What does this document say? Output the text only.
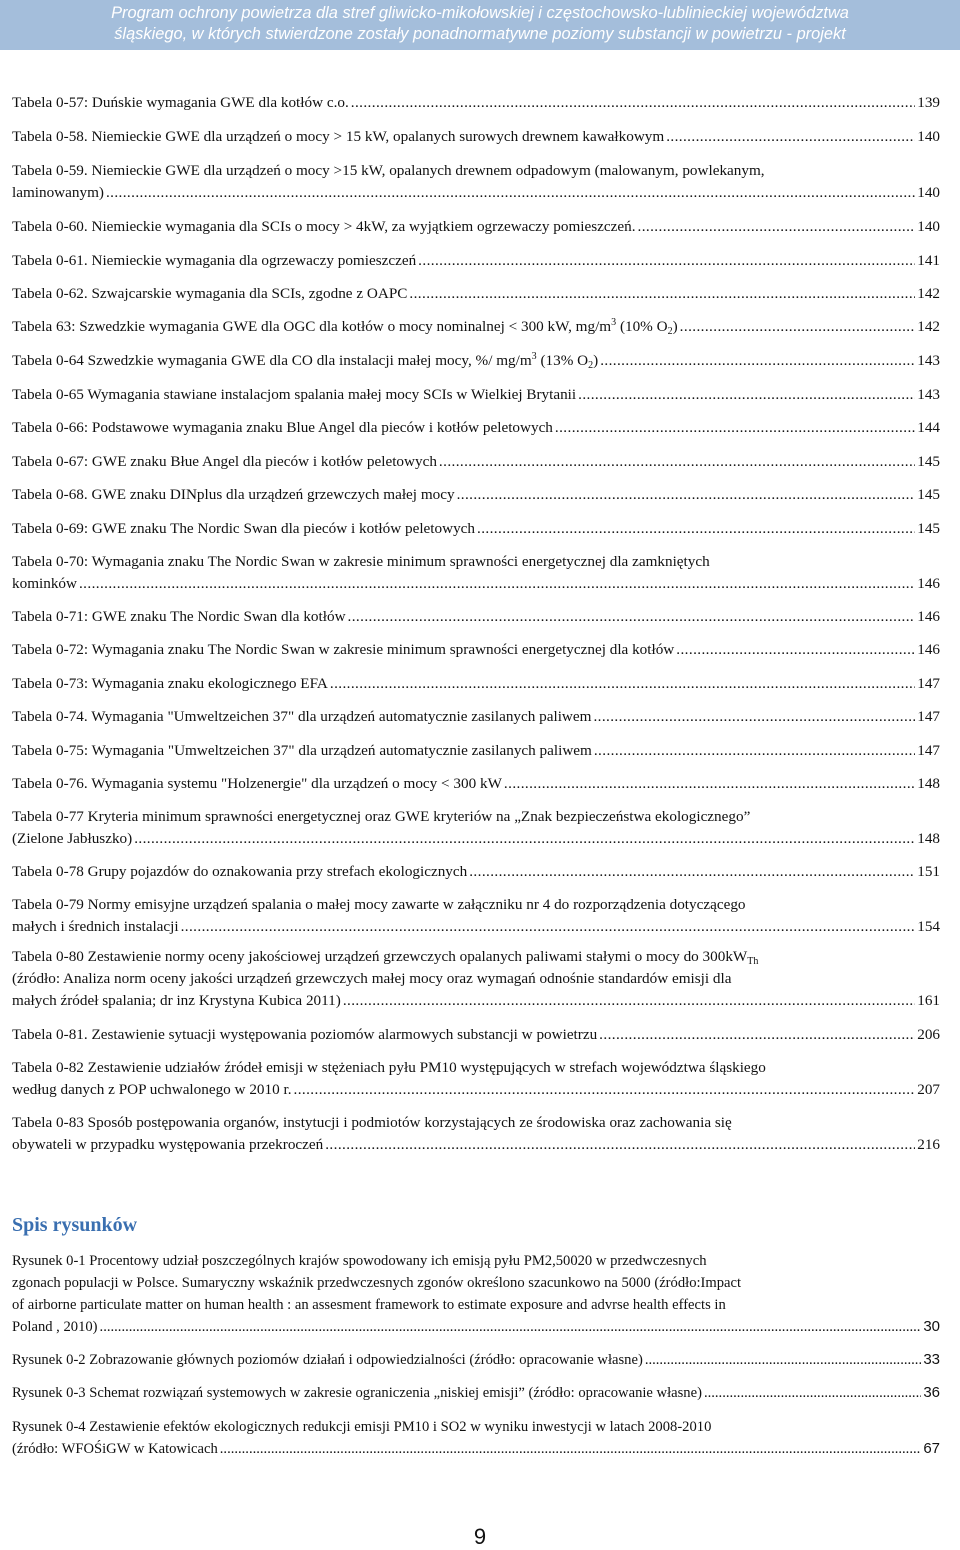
Program ochrony powietrza dla stref gliwicko-mikołowskiej i częstochowsko-lublinieckiej województwa
śląskiego, w których stwierdzone zostały ponadnormatywne poziomy substancji w powietrzu - projekt
Tabela 0-57: Duńskie wymagania GWE dla kotłów c.o. .....	139
Tabela 0-58. Niemieckie GWE dla urządzeń o mocy > 15 kW, opalanych surowych drewnem kawałkowym .....	140
Tabela 0-59. Niemieckie GWE dla urządzeń o mocy >15 kW, opalanych drewnem odpadowym (malowanym, powlekanym,
laminowanym) .....	140
Tabela 0-60. Niemieckie wymagania dla SCIs o mocy > 4kW, za wyjątkiem ogrzewaczy pomieszczeń. .....	140
Tabela 0-61. Niemieckie wymagania dla ogrzewaczy pomieszczeń .....	141
Tabela 0-62. Szwajcarskie wymagania dla SCIs, zgodne z OAPC .....	142
Tabela 63: Szwedzkie wymagania GWE dla OGC dla kotłów o mocy nominalnej < 300 kW, $mg/m^3$ (10% $O_2$) .....	142
Tabela 0-64 Szwedzkie wymagania GWE dla CO dla instalacji małej mocy, %/ $mg/m^3$ (13% $O_2$) .....	143
Tabela 0-65 Wymagania stawiane instalacjom spalania małej mocy SCIs w Wielkiej Brytanii .....	143
Tabela 0-66: Podstawowe wymagania znaku Blue Angel dla pieców i kotłów peletowych .....	144
Tabela 0-67: GWE znaku Błue Angel dla pieców i kotłów peletowych .....	145
Tabela 0-68. GWE znaku DINplus dla urządzeń grzewczych małej mocy .....	145
Tabela 0-69: GWE znaku The Nordic Swan dla pieców i kotłów peletowych .....	145
Tabela 0-70: Wymagania znaku The Nordic Swan w zakresie minimum sprawności energetycznej dla zamkniętych
kominków .....	146
Tabela 0-71: GWE znaku The Nordic Swan dla kotłów .....	146
Tabela 0-72: Wymagania znaku The Nordic Swan w zakresie minimum sprawności energetycznej dla kotłów .....	146
Tabela 0-73: Wymagania znaku ekologicznego EFA .....	147
Tabela 0-74. Wymagania "Umweltzeichen 37" dla urządzeń automatycznie zasilanych paliwem .....	147
Tabela 0-75: Wymagania "Umweltzeichen 37" dla urządzeń automatycznie zasilanych paliwem .....	147
Tabela 0-76. Wymagania systemu "Holzenergie" dla urządzeń o mocy < 300 kW .....	148
Tabela 0-77 Kryteria minimum sprawności energetycznej oraz GWE kryteriów na „Znak bezpieczeństwa ekologicznego”
(Zielone Jabłuszko) .....	148
Tabela 0-78 Grupy pojazdów do oznakowania przy strefach ekologicznych .....	151
Tabela 0-79 Normy emisyjne urządzeń spalania o małej mocy zawarte w załączniku nr 4 do rozporządzenia dotyczącego
małych i średnich instalacji .....	154
Tabela 0-80 Zestawienie normy oceny jakościowej urządzeń grzewczych opalanych paliwami stałymi o mocy do $300kW_{Th}$
(źródło: Analiza norm oceny jakości urządzeń grzewczych małej mocy oraz wymagań odnośnie standardów emisji dla
małych źródeł spalania; dr inz Krystyna Kubica 2011) .....	161
Tabela 0-81. Zestawienie sytuacji występowania poziomów alarmowych substancji w powietrzu .....	206
Tabela 0-82 Zestawienie udziałów źródeł emisji w stężeniach pyłu PM10 występujących w strefach województwa śląskiego
według danych z POP uchwalonego w 2010 r. .....	207
Tabela 0-83 Sposób postępowania organów, instytucji i podmiotów korzystających ze środowiska oraz zachowania się
obywateli w przypadku występowania przekroczeń .....	216
Spis rysunków
Rysunek 0-1 Procentowy udział poszczególnych krajów spowodowany ich emisją pyłu PM2,50020 w przedwczesnych
zgonach populacji w Polsce. Sumaryczny wskaźnik przedwczesnych zgonów określono szacunkowo na 5000 (źródło:Impact
of airborne particulate matter on human health : an assesment framework to estimate exposure and advrse health effects in
Poland , 2010) .....	30
Rysunek 0-2 Zobrazowanie głównych poziomów działań i odpowiedzialności (źródło: opracowanie własne) .....	33
Rysunek 0-3 Schemat rozwiązań systemowych w zakresie ograniczenia „niskiej emisji” (źródło: opracowanie własne) .....	36
Rysunek 0-4 Zestawienie efektów ekologicznych redukcji emisji PM10 i SO2 w wyniku inwestycji w latach 2008-2010
(źródło: WFOŚiGW w Katowicach .....	67
9
